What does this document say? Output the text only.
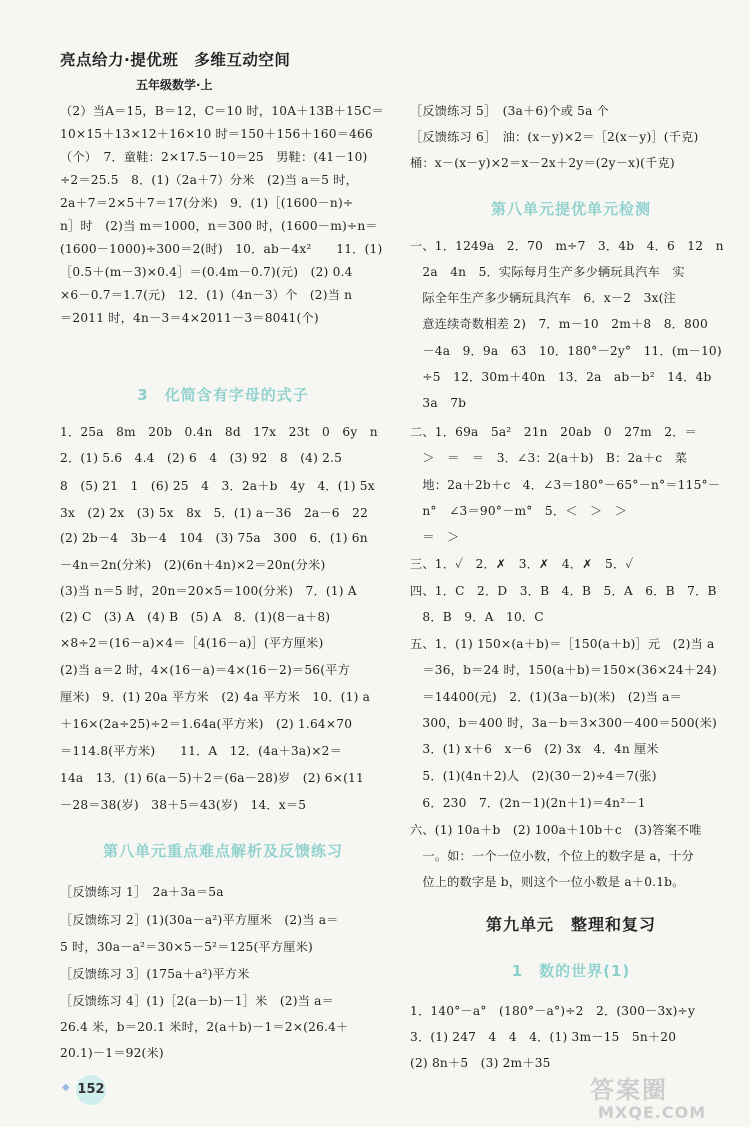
亮点给力·提优班　多维互动空间
五年级数学·上
（2）当A＝15，B＝12，C＝10 时，10A＋13B＋15C＝
10×15＋13×12＋16×10 时＝150＋156＋160＝466
（个）　7．童鞋：2×17.5－10＝25　男鞋：(41－10)
÷2＝25.5　8．(1)（2a＋7）分米　(2)当 a＝5 时，
2a＋7＝2×5＋7＝17(分米)　9．(1)［(1600－n)÷
n］时　(2)当 m＝1000，n＝300 时，(1600－m)÷n＝
(1600－1000)÷300＝2(时)　10．ab－4x²　　11．(1)
［0.5＋(m－3)×0.4］＝(0.4m－0.7)(元)　(2) 0.4
×6－0.7＝1.7(元)　12．(1)（4n－3）个　(2)当 n
＝2011 时，4n－3＝4×2011－3＝8041(个)
3　化简含有字母的式子
1．25a　8m　20b　0.4n　8d　17x　23t　0　6y　n
2．(1) 5.6　4.4　(2) 6　4　(3) 92　8　(4) 2.5
8　(5) 21　1　(6) 25　4　3．2a＋b　4y　4．(1) 5x
3x　(2) 2x　(3) 5x　8x　5．(1) a－36　2a－6　22
(2) 2b－4　3b－4　104　(3) 75a　300　6．(1) 6n
－4n＝2n(分米)　(2)(6n＋4n)×2＝20n(分米)
(3)当 n＝5 时，20n＝20×5＝100(分米)　7．(1) A
(2) C　(3) A　(4) B　(5) A　8．(1)(8－a＋8)
×8÷2＝(16－a)×4＝［4(16－a)］(平方厘米)
(2)当 a＝2 时，4×(16－a)＝4×(16－2)＝56(平方
厘米)　9．(1) 20a 平方米　(2) 4a 平方米　10．(1) a
＋16×(2a÷25)÷2＝1.64a(平方米)　(2) 1.64×70
＝114.8(平方米)　　11．A　12．(4a＋3a)×2＝
14a　13．(1) 6(a－5)＋2＝(6a－28)岁　(2) 6×(11
－28＝38(岁)　38＋5＝43(岁)　14．x＝5
第八单元重点难点解析及反馈练习
［反馈练习 1］　2a＋3a＝5a
［反馈练习 2］(1)(30a－a²)平方厘米　(2)当 a＝
5 时，30a－a²＝30×5－5²＝125(平方厘米)
［反馈练习 3］(175a＋a²)平方米
［反馈练习 4］(1)［2(a－b)－1］米　(2)当 a＝
26.4 米，b＝20.1 米时，2(a＋b)－1＝2×(26.4＋
20.1)－1＝92(米)
◆ 152
［反馈练习 5］　(3a＋6)个或 5a 个
［反馈练习 6］　油：(x－y)×2＝［2(x－y)］(千克)
桶：x－(x－y)×2＝x－2x＋2y＝(2y－x)(千克)
第八单元提优单元检测
一、1．1249a　2．70　m÷7　3．4b　4．6　12　n
　2a　4n　5．实际每月生产多少辆玩具汽车　实
　际全年生产多少辆玩具汽车　6．x－2　3x(注
　意连续奇数相差 2)　7．m－10　2m＋8　8．800
　－4a　9．9a　63　10．180°－2y°　11．(m－10)
　÷5　12．30m＋40n　13．2a　ab－b²　14．4b
　3a　7b
二、1．69a　5a²　21n　20ab　0　27m　2．＝
　＞　＝　＝　3．∠3：2(a＋b)　B：2a＋c　菜
　地：2a＋2b＋c　4．∠3＝180°－65°－n°＝115°－
　n°　∠3＝90°－m°　5．＜　＞　＞
　＝　＞
三、1．✓　2．✗　3．✗　4．✗　5．✓
四、1．C　2．D　3．B　4．B　5．A　6．B　7．B
　8．B　9．A　10．C
五、1．(1) 150×(a＋b)＝［150(a＋b)］元　(2)当 a
　＝36，b＝24 时，150(a＋b)＝150×(36×24＋24)
　＝14400(元)　2．(1)(3a－b)(米)　(2)当 a＝
　300，b＝400 时，3a－b＝3×300－400＝500(米)
　3．(1) x＋6　x－6　(2) 3x　4．4n 厘米
　5．(1)(4n＋2)人　(2)(30－2)÷4＝7(张)
　6．230　7．(2n－1)(2n＋1)＝4n²－1
六、(1) 10a＋b　(2) 100a＋10b＋c　(3)答案不唯
　一。如：一个一位小数，个位上的数字是 a，十分
　位上的数字是 b，则这个一位小数是 a＋0.1b。
第九单元　整理和复习
1　数的世界(1)
1．140°－a°　(180°－a°)÷2　2．(300－3x)÷y
3．(1) 247　4　4　4．(1) 3m－15　5n＋20
(2) 8n＋5　(3) 2m＋35
答案圈
MXQE.COM
